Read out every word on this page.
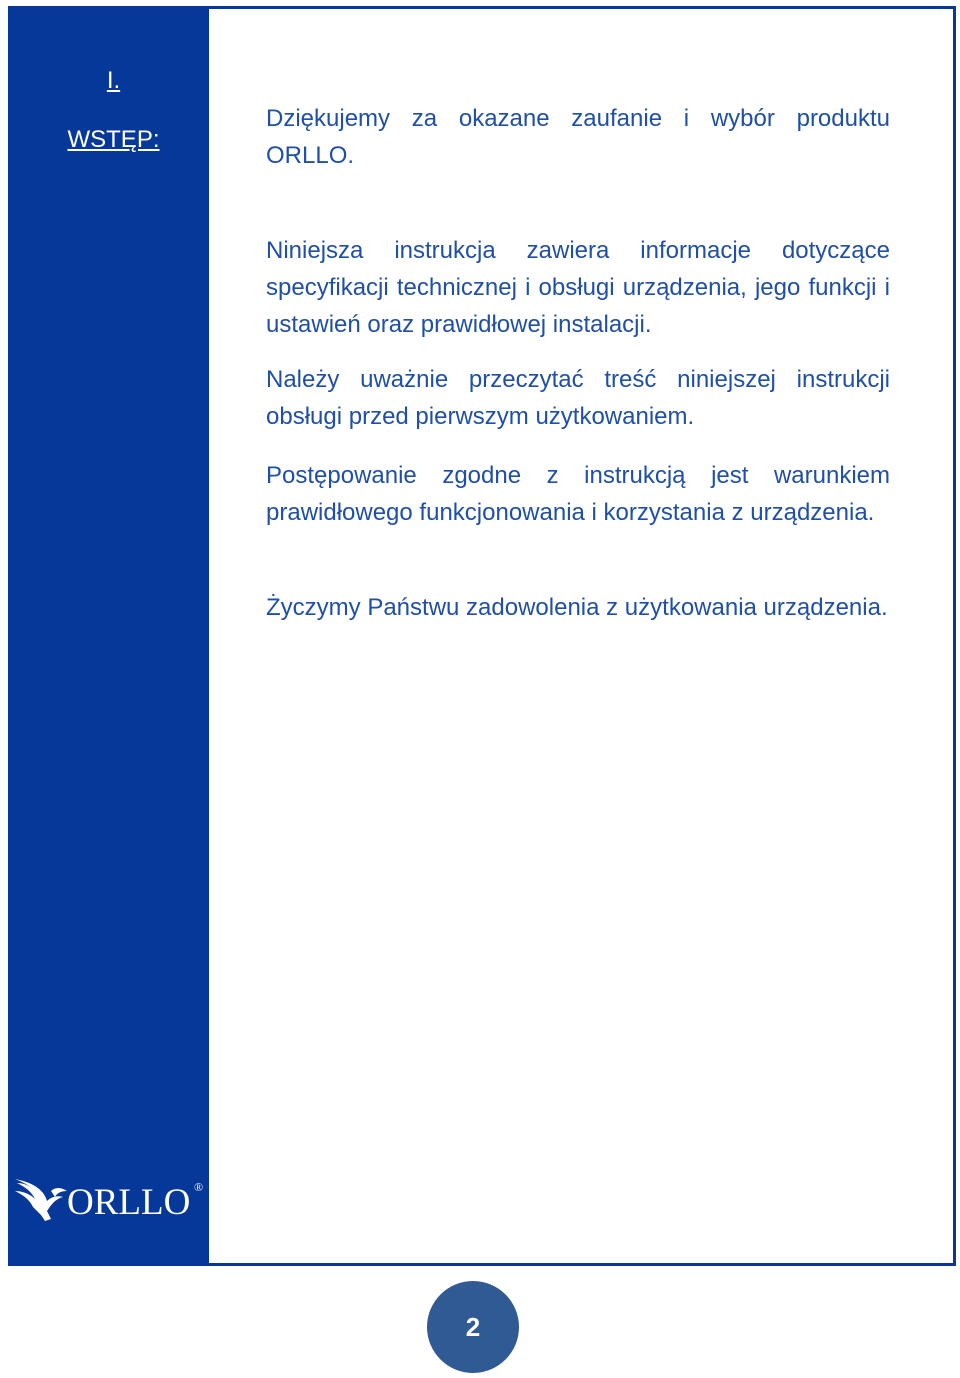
I.
WSTĘP:
ORLLO ®

Dziękujemy za okazane zaufanie i wybór produktu ORLLO.

Niniejsza instrukcja zawiera informacje dotyczące specyfikacji technicznej i obsługi urządzenia, jego funkcji i ustawień oraz prawidłowej instalacji.

Należy uważnie przeczytać treść niniejszej instrukcji obsługi przed pierwszym użytkowaniem.

Postępowanie zgodne z instrukcją jest warunkiem prawidłowego funkcjonowania i korzystania z urządzenia.

Życzymy Państwu zadowolenia z użytkowania urządzenia.

2
